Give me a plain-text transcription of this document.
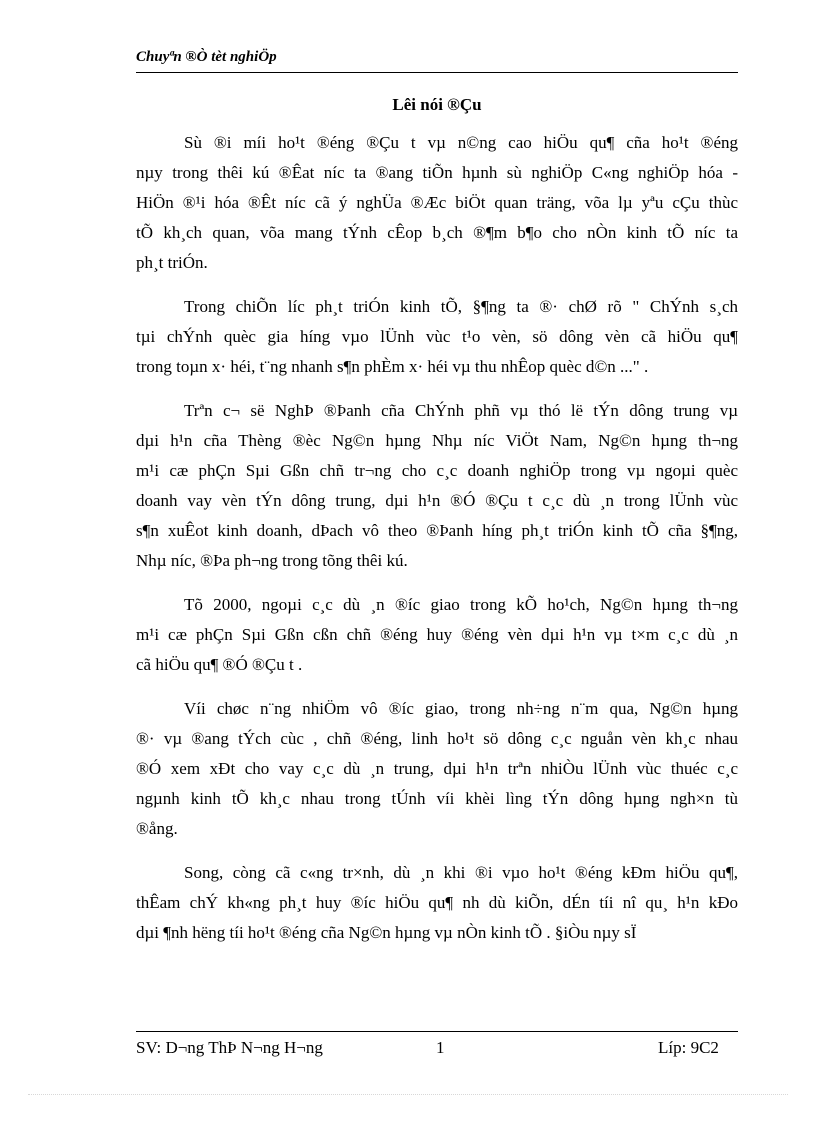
Chuyªn ®Ò tèt nghiÖp
Lêi nói ®Çu
Sù ®i míi ho¹t ®éng ®Çu t vµ n©ng cao hiÖu qu¶ cña ho¹t ®éng
nµy trong thêi kú ®Êat níc ta ®ang tiÕn hµnh sù nghiÖp C«ng nghiÖp hóa -
HiÖn ®¹i hóa ®Êt níc cã ý nghÜa ®Æc biÖt quan träng, võa lµ yªu cÇu thùc
tÕ kh¸ch quan, võa mang tÝnh cÊop b¸ch ®¶m b¶o cho nÒn kinh tÕ níc ta
ph¸t triÓn.
Trong chiÕn líc ph¸t triÓn kinh tÕ, §¶ng ta ®· chØ rõ " ChÝnh s¸ch
tµi chÝnh quèc gia híng vµo lÜnh vùc t¹o vèn, sö dông vèn cã hiÖu qu¶
trong toµn x· héi, t¨ng nhanh s¶n phÈm x· héi vµ thu nhÊop quèc d©n ..." .
Trªn c¬ së NghÞ ®Þanh cña ChÝnh phñ vµ thó lë tÝn dông trung vµ
dµi h¹n cña Thèng ®èc Ng©n hµng Nhµ níc ViÖt Nam, Ng©n hµng th¬ng
m¹i cæ phÇn Sµi Gßn chñ tr¬ng cho c¸c doanh nghiÖp trong vµ ngoµi quèc
doanh vay vèn tÝn dông trung, dµi h¹n ®Ó ®Çu t c¸c dù ¸n trong lÜnh vùc
s¶n xuÊot kinh doanh, dÞach vô theo ®Þanh híng ph¸t triÓn kinh tÕ cña §¶ng,
Nhµ níc, ®Þa ph¬ng trong tõng thêi kú.
Tõ 2000, ngoµi c¸c dù ¸n ®íc giao trong kÕ ho¹ch, Ng©n hµng th¬ng
m¹i cæ phÇn Sµi Gßn cßn chñ ®éng huy ®éng vèn dµi h¹n vµ t×m c¸c dù ¸n
cã hiÖu qu¶ ®Ó ®Çu t .
Víi chøc n¨ng nhiÖm vô ®íc giao, trong nh÷ng n¨m qua, Ng©n hµng
®· vµ ®ang tÝch cùc , chñ ®éng, linh ho¹t sö dông c¸c nguån vèn kh¸c nhau
®Ó xem xÐt cho vay c¸c dù ¸n trung, dµi h¹n trªn nhiÒu lÜnh vùc thuéc c¸c
ngµnh kinh tÕ kh¸c nhau trong tÚnh víi khèi lìng tÝn dông hµng ngh×n tù
®ång.
Song, còng cã c«ng tr×nh, dù ¸n khi ®i vµo ho¹t ®éng kÐm hiÖu qu¶,
thÊam chÝ kh«ng ph¸t huy ®íc hiÖu qu¶ nh dù kiÕn, dÉn tíi nî qu¸ h¹n kÐo
dµi ¶nh hëng tíi ho¹t ®éng cña Ng©n hµng vµ nÒn kinh tÕ . §iÒu nµy sÏ
SV: D¬ng ThÞ N¬ng H¬ng	1	Líp: 9C2
